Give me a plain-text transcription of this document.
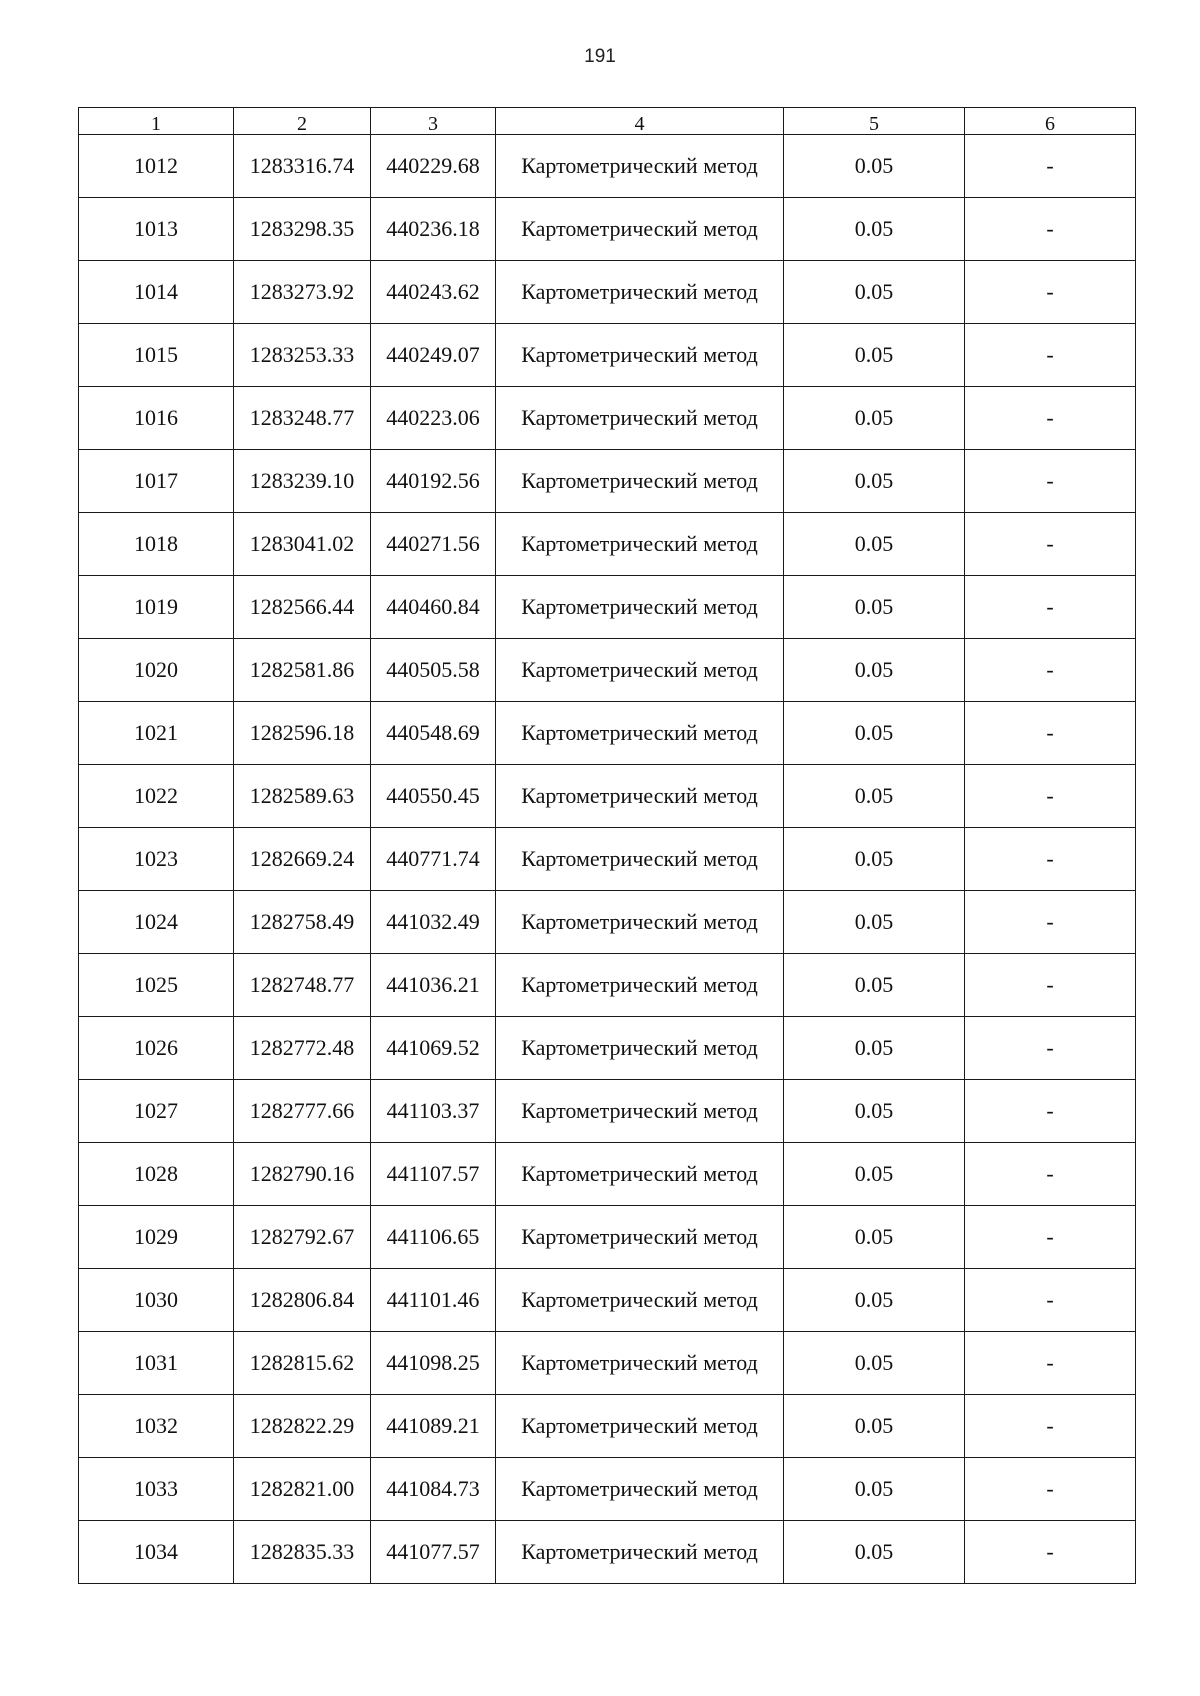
191
1	2	3	4	5	6
1012	1283316.74	440229.68	Картометрический метод	0.05	-
1013	1283298.35	440236.18	Картометрический метод	0.05	-
1014	1283273.92	440243.62	Картометрический метод	0.05	-
1015	1283253.33	440249.07	Картометрический метод	0.05	-
1016	1283248.77	440223.06	Картометрический метод	0.05	-
1017	1283239.10	440192.56	Картометрический метод	0.05	-
1018	1283041.02	440271.56	Картометрический метод	0.05	-
1019	1282566.44	440460.84	Картометрический метод	0.05	-
1020	1282581.86	440505.58	Картометрический метод	0.05	-
1021	1282596.18	440548.69	Картометрический метод	0.05	-
1022	1282589.63	440550.45	Картометрический метод	0.05	-
1023	1282669.24	440771.74	Картометрический метод	0.05	-
1024	1282758.49	441032.49	Картометрический метод	0.05	-
1025	1282748.77	441036.21	Картометрический метод	0.05	-
1026	1282772.48	441069.52	Картометрический метод	0.05	-
1027	1282777.66	441103.37	Картометрический метод	0.05	-
1028	1282790.16	441107.57	Картометрический метод	0.05	-
1029	1282792.67	441106.65	Картометрический метод	0.05	-
1030	1282806.84	441101.46	Картометрический метод	0.05	-
1031	1282815.62	441098.25	Картометрический метод	0.05	-
1032	1282822.29	441089.21	Картометрический метод	0.05	-
1033	1282821.00	441084.73	Картометрический метод	0.05	-
1034	1282835.33	441077.57	Картометрический метод	0.05	-
